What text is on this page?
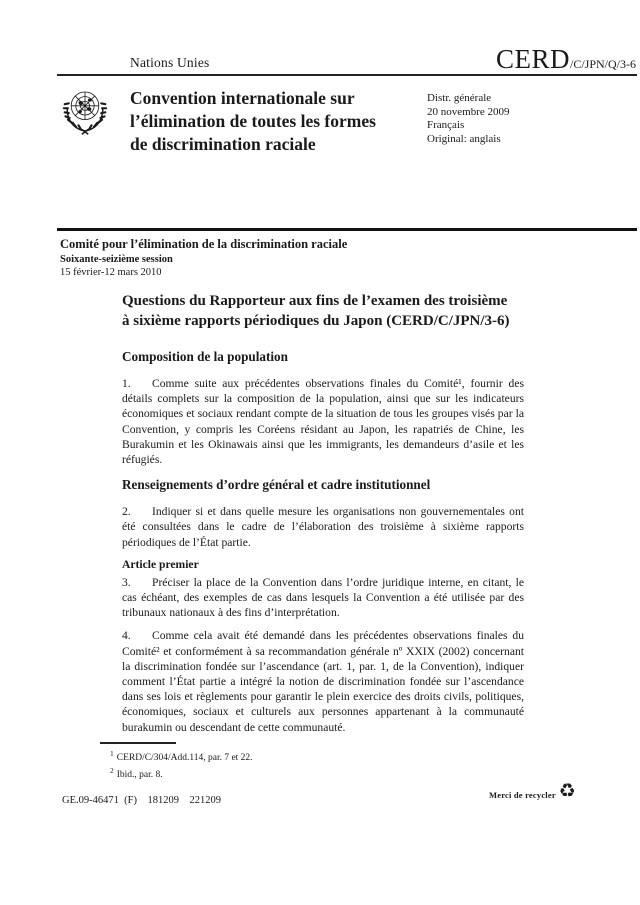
Nations Unies	CERD/C/JPN/Q/3-6
Convention internationale sur
l’élimination de toutes les formes
de discrimination raciale
Distr. générale
20 novembre 2009
Français
Original: anglais
Comité pour l’élimination de la discrimination raciale
Soixante-seizième session
15 février-12 mars 2010
Questions du Rapporteur aux fins de l’examen des troisième
à sixième rapports périodiques du Japon (CERD/C/JPN/3-6)
Composition de la population

1. Comme suite aux précédentes observations finales du Comité¹, fournir des détails complets sur la composition de la population, ainsi que sur les indicateurs économiques et sociaux rendant compte de la situation de tous les groupes visés par la Convention, y compris les Coréens résidant au Japon, les rapatriés de Chine, les Burakumin et les Okinawais ainsi que les immigrants, les demandeurs d’asile et les réfugiés.

Renseignements d’ordre général et cadre institutionnel

2. Indiquer si et dans quelle mesure les organisations non gouvernementales ont été consultées dans le cadre de l’élaboration des troisième à sixième rapports périodiques de l’État partie.

Article premier

3. Préciser la place de la Convention dans l’ordre juridique interne, en citant, le cas échéant, des exemples de cas dans lesquels la Convention a été utilisée par des tribunaux nationaux à des fins d’interprétation.

4. Comme cela avait été demandé dans les précédentes observations finales du Comité² et conformément à sa recommandation générale nº XXIX (2002) concernant la discrimination fondée sur l’ascendance (art. 1, par. 1, de la Convention), indiquer comment l’État partie a intégré la notion de discrimination fondée sur l’ascendance dans ses lois et règlements pour garantir le plein exercice des droits civils, politiques, économiques, sociaux et culturels aux personnes appartenant à la communauté burakumin ou descendant de cette communauté.

$^1$ CERD/C/304/Add.114, par. 7 et 22.
$^2$ Ibid., par. 8.
GE.09-46471  (F)    181209    221209	Merci de recycler ♻
